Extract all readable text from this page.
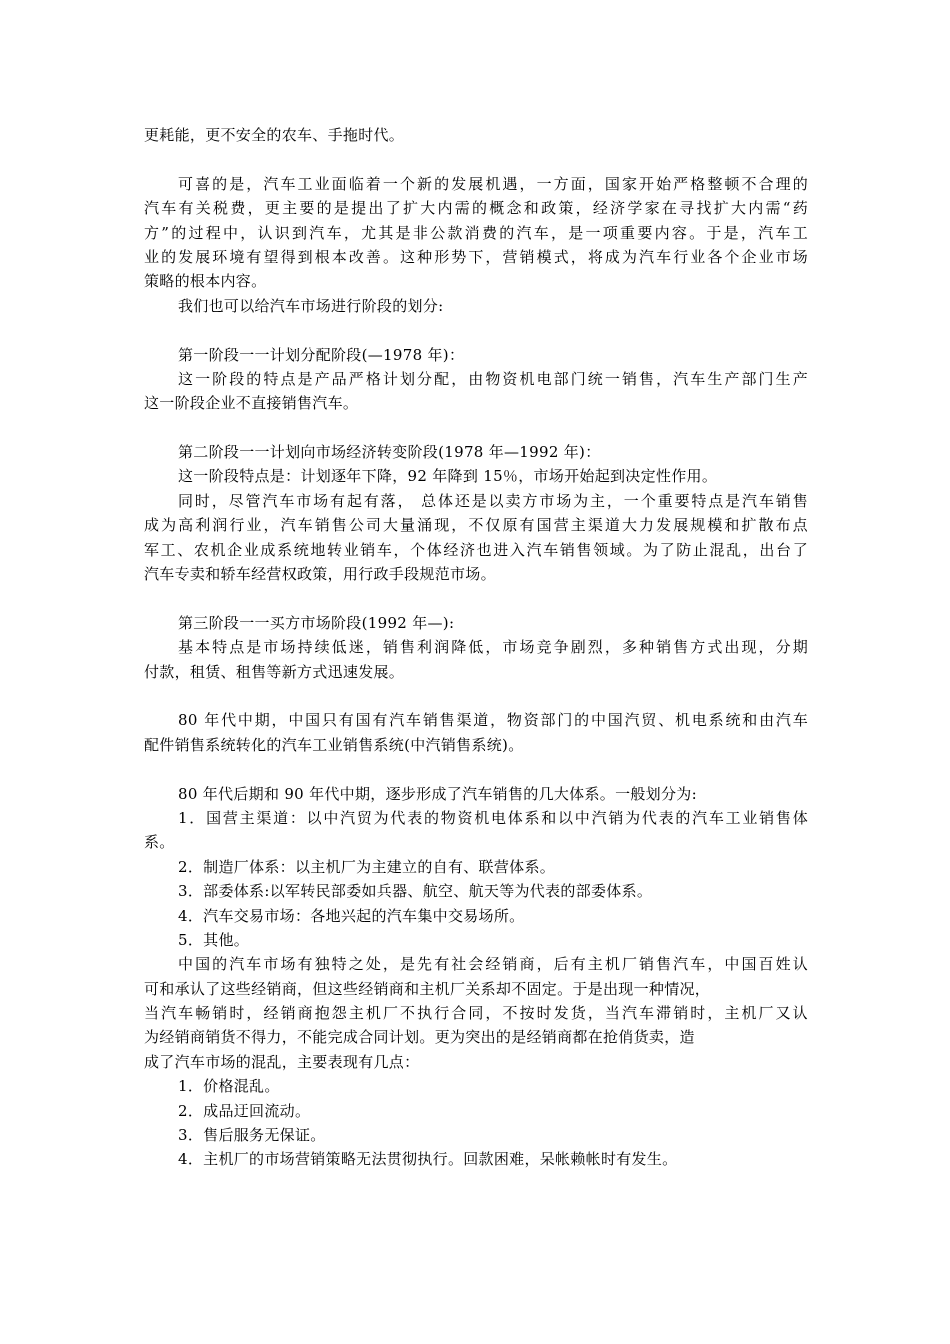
更耗能，更不安全的农车、手拖时代。
可喜的是，汽车工业面临着一个新的发展机遇，一方面，国家开始严格整顿不合理的
汽车有关税费，更主要的是提出了扩大内需的概念和政策，经济学家在寻找扩大内需“药
方”的过程中，认识到汽车，尤其是非公款消费的汽车，是一项重要内容。于是，汽车工
业的发展环境有望得到根本改善。这种形势下，营销模式，将成为汽车行业各个企业市场
策略的根本内容。
我们也可以给汽车市场进行阶段的划分:
第一阶段一一计划分配阶段(—1978 年)：
这一阶段的特点是产品严格计划分配，由物资机电部门统一销售，汽车生产部门生产
这一阶段企业不直接销售汽车。
第二阶段一一计划向市场经济转变阶段(1978 年—1992 年)：
这一阶段特点是：计划逐年下降，92 年降到 15％，市场开始起到决定性作用。
同时，尽管汽车市场有起有落， 总体还是以卖方市场为主，一个重要特点是汽车销售
成为高利润行业，汽车销售公司大量涌现，不仅原有国营主渠道大力发展规模和扩散布点
军工、农机企业成系统地转业销车，个体经济也进入汽车销售领域。为了防止混乱，出台了
汽车专卖和轿车经营权政策，用行政手段规范市场。
第三阶段一一买方市场阶段(1992 年—):
基本特点是市场持续低迷，销售利润降低，市场竞争剧烈，多种销售方式出现，分期
付款，租赁、租售等新方式迅速发展。
80 年代中期，中国只有国有汽车销售渠道，物资部门的中国汽贸、机电系统和由汽车
配件销售系统转化的汽车工业销售系统(中汽销售系统)。
80 年代后期和 90 年代中期，逐步形成了汽车销售的几大体系。一般划分为:
1．国营主渠道：以中汽贸为代表的物资机电体系和以中汽销为代表的汽车工业销售体
系。
2．制造厂体系：以主机厂为主建立的自有、联营体系。
3．部委体系:以军转民部委如兵器、航空、航天等为代表的部委体系。
4．汽车交易市场：各地兴起的汽车集中交易场所。
5．其他。
中国的汽车市场有独特之处，是先有社会经销商，后有主机厂销售汽车，中国百姓认
可和承认了这些经销商，但这些经销商和主机厂关系却不固定。于是出现一种情况，
当汽车畅销时，经销商抱怨主机厂不执行合同，不按时发货，当汽车滞销时，主机厂又认
为经销商销货不得力，不能完成合同计划。更为突出的是经销商都在抢俏货卖，造
成了汽车市场的混乱，主要表现有几点：
1．价格混乱。
2．成品迂回流动。
3．售后服务无保证。
4．主机厂的市场营销策略无法贯彻执行。回款困难，呆帐赖帐时有发生。
